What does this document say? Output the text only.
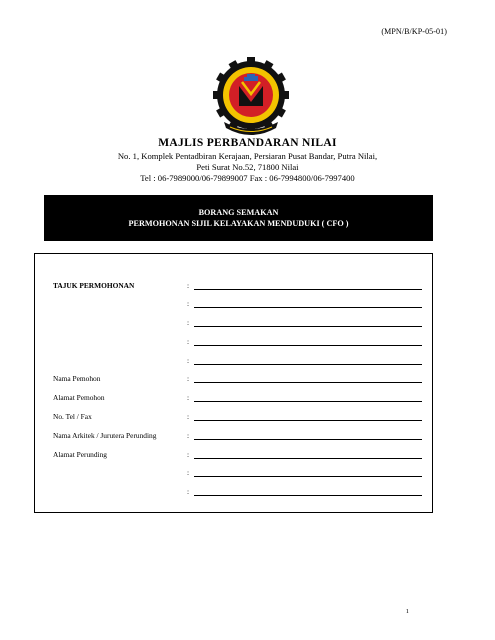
(MPN/B/KP-05-01)
MAJLIS PERBANDARAN NILAI
No. 1, Komplek Pentadbiran Kerajaan, Persiaran Pusat Bandar, Putra Nilai,
Peti Surat No.52, 71800 Nilai
Tel : 06-7989000/06-79899007 Fax : 06-7994800/06-7997400
BORANG SEMAKAN
PERMOHONAN SIJIL KELAYAKAN MENDUDUKI ( CFO )
TAJUK PERMOHONAN	:
:
:
:
:
Nama Pemohon	:
Alamat Pemohon	:
No. Tel / Fax	:
Nama Arkitek / Jurutera Perunding	:
Alamat Perunding	:
:
:
1
